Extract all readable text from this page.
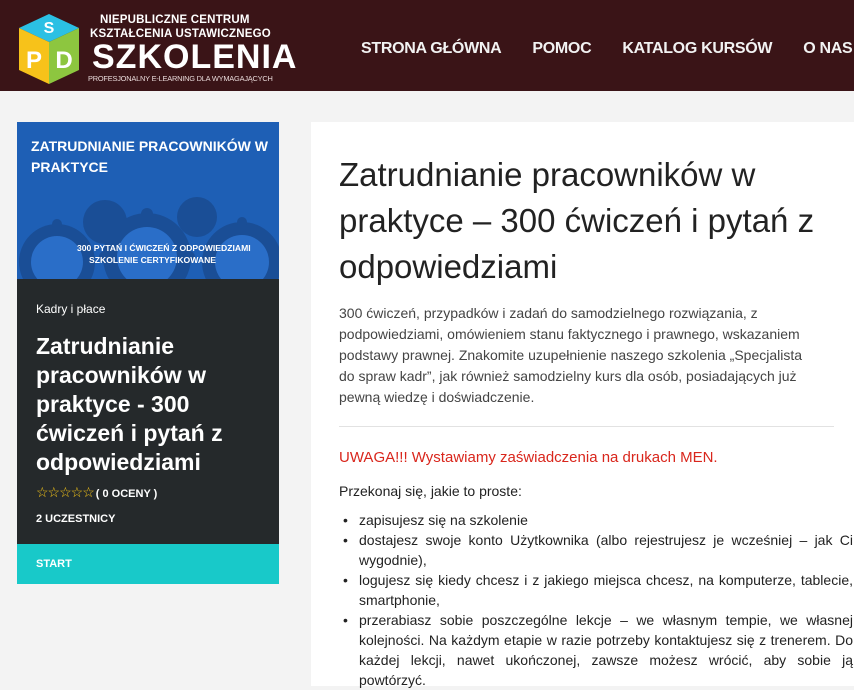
S
P D
NIEPUBLICZNE CENTRUM
KSZTAŁCENIA USTAWICZNEGO
SZKOLENIA
PROFESJONALNY E-LEARNING DLA WYMAGAJĄCYCH
STRONA GŁÓWNA POMOC KATALOG KURSÓW O NAS
ZATRUDNIANIE PRACOWNIKÓW W PRAKTYCE
300 PYTAŃ I ĆWICZEŃ Z ODPOWIEDZIAMI
SZKOLENIE CERTYFIKOWANE
Kadry i płace
Zatrudnianie pracowników w praktyce - 300 ćwiczeń i pytań z odpowiedziami
☆☆☆☆☆ ( 0 OCENY )
2 UCZESTNICY
START
Zatrudnianie pracowników w praktyce – 300 ćwiczeń i pytań z odpowiedziami
300 ćwiczeń, przypadków i zadań do samodzielnego rozwiązania, z podpowiedziami, omówieniem stanu faktycznego i prawnego, wskazaniem podstawy prawnej. Znakomite uzupełnienie naszego szkolenia „Specjalista do spraw kadr”, jak również samodzielny kurs dla osób, posiadających już pewną wiedzę i doświadczenie.
UWAGA!!! Wystawiamy zaświadczenia na drukach MEN.
Przekonaj się, jakie to proste:
• zapisujesz się na szkolenie
• dostajesz swoje konto Użytkownika (albo rejestrujesz je wcześniej – jak Ci wygodnie),
• logujesz się kiedy chcesz i z jakiego miejsca chcesz, na komputerze, tablecie, smartphonie,
• przerabiasz sobie poszczególne lekcje – we własnym tempie, we własnej kolejności. Na każdym etapie w razie potrzeby kontaktujesz się z trenerem. Do każdej lekcji, nawet ukończonej, zawsze możesz wrócić, aby sobie ją powtórzyć.
